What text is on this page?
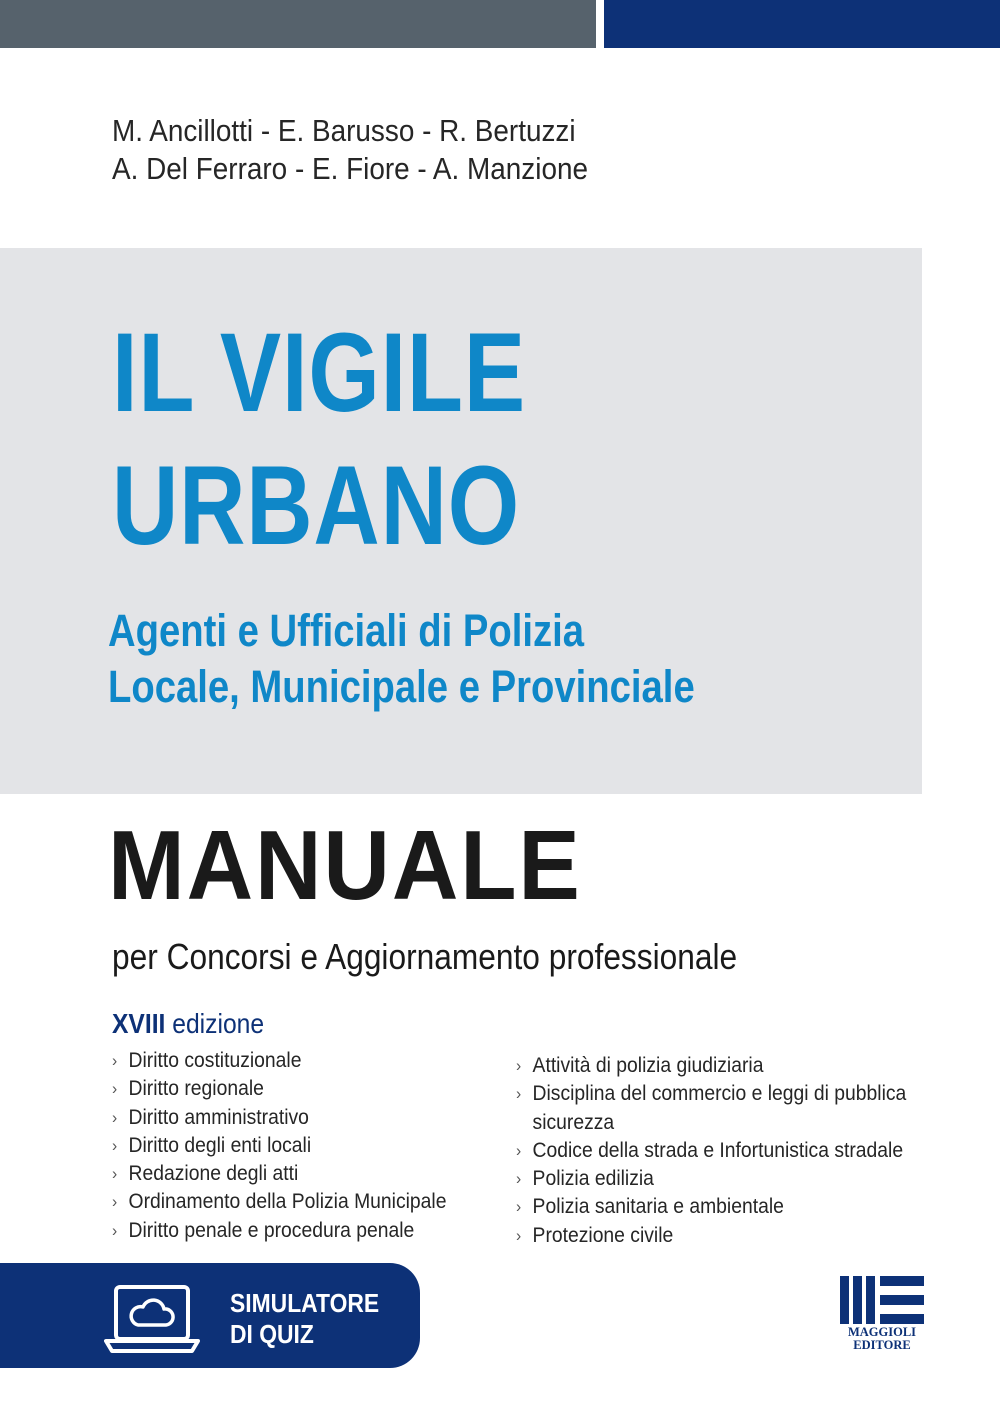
M. Ancillotti - E. Barusso - R. Bertuzzi
A. Del Ferraro - E. Fiore - A. Manzione
IL VIGILE
URBANO
Agenti e Ufficiali di Polizia
Locale, Municipale e Provinciale
MANUALE
per Concorsi e Aggiornamento professionale
XVIII edizione
› Diritto costituzionale
› Diritto regionale
› Diritto amministrativo
› Diritto degli enti locali
› Redazione degli atti
› Ordinamento della Polizia Municipale
› Diritto penale e procedura penale
› Attività di polizia giudiziaria
› Disciplina del commercio e leggi di pubblica
sicurezza
› Codice della strada e Infortunistica stradale
› Polizia edilizia
› Polizia sanitaria e ambientale
› Protezione civile
SIMULATORE
DI QUIZ	MAGGIOLI
EDITORE
